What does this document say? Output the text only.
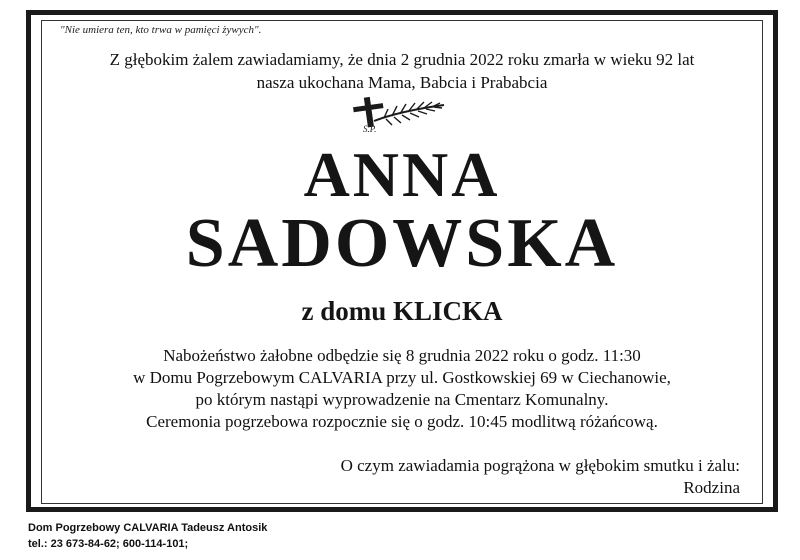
"Nie umiera ten, kto trwa w pamięci żywych".

Z głębokim żalem zawiadamiamy, że dnia 2 grudnia 2022 roku zmarła w wieku 92 lat
nasza ukochana Mama, Babcia i Prababcia
S.P.
ANNA
SADOWSKA
z domu KLICKA
Nabożeństwo żałobne odbędzie się 8 grudnia 2022 roku o godz. 11:30
w Domu Pogrzebowym CALVARIA przy ul. Gostkowskiej 69 w Ciechanowie,
po którym nastąpi wyprowadzenie na Cmentarz Komunalny.
Ceremonia pogrzebowa rozpocznie się o godz. 10:45 modlitwą różańcową.
O czym zawiadamia pogrążona w głębokim smutku i żalu:
Rodzina
Dom Pogrzebowy CALVARIA Tadeusz Antosik
tel.: 23 673-84-62; 600-114-101;
